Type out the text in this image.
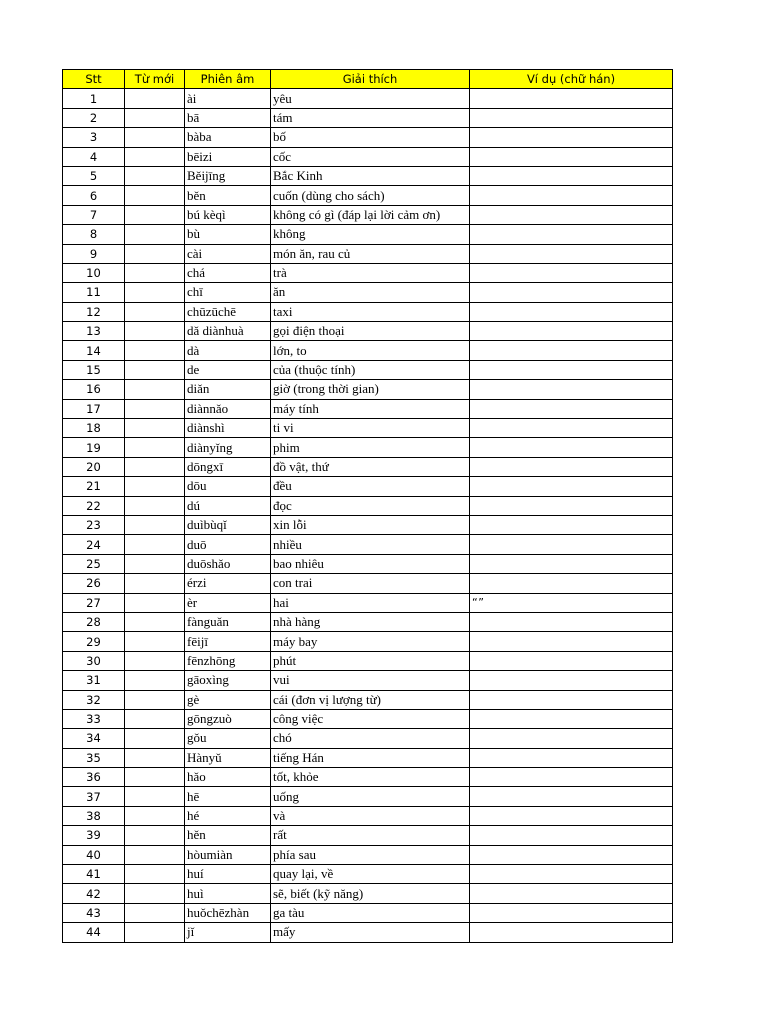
Stt	Từ mới	Phiên âm	Giải thích	Ví dụ (chữ hán)
1		ài	yêu	
2		bā	tám	
3		bàba	bố	
4		bēizi	cốc	
5		Běijīng	Bắc Kinh	
6		běn	cuốn (dùng cho sách)	
7		bú kèqì	không có gì (đáp lại lời cảm ơn)	
8		bù	không	
9		cài	món ăn, rau củ	
10		chá	trà	
11		chī	ăn	
12		chūzūchē	taxi	
13		dǎ diànhuà	gọi điện thoại	
14		dà	lớn, to	
15		de	của (thuộc tính)	
16		diǎn	giờ (trong thời gian)	
17		diànnǎo	máy tính	
18		diànshì	ti vi	
19		diànyǐng	phim	
20		dōngxī	đồ vật, thứ	
21		dōu	đều	
22		dú	đọc	
23		duìbùqǐ	xin lỗi	
24		duō	nhiều	
25		duōshǎo	bao nhiêu	
26		érzi	con trai	
27		èr	hai	“”
28		fànguǎn	nhà hàng	
29		fēijī	máy bay	
30		fēnzhōng	phút	
31		gāoxìng	vui	
32		gè	cái (đơn vị lượng từ)	
33		gōngzuò	công việc	
34		gǒu	chó	
35		Hànyǔ	tiếng Hán	
36		hǎo	tốt, khỏe	
37		hē	uống	
38		hé	và	
39		hěn	rất	
40		hòumiàn	phía sau	
41		huí	quay lại, về	
42		huì	sẽ, biết (kỹ năng)	
43		huǒchēzhàn	ga tàu	
44		jǐ	mấy	
